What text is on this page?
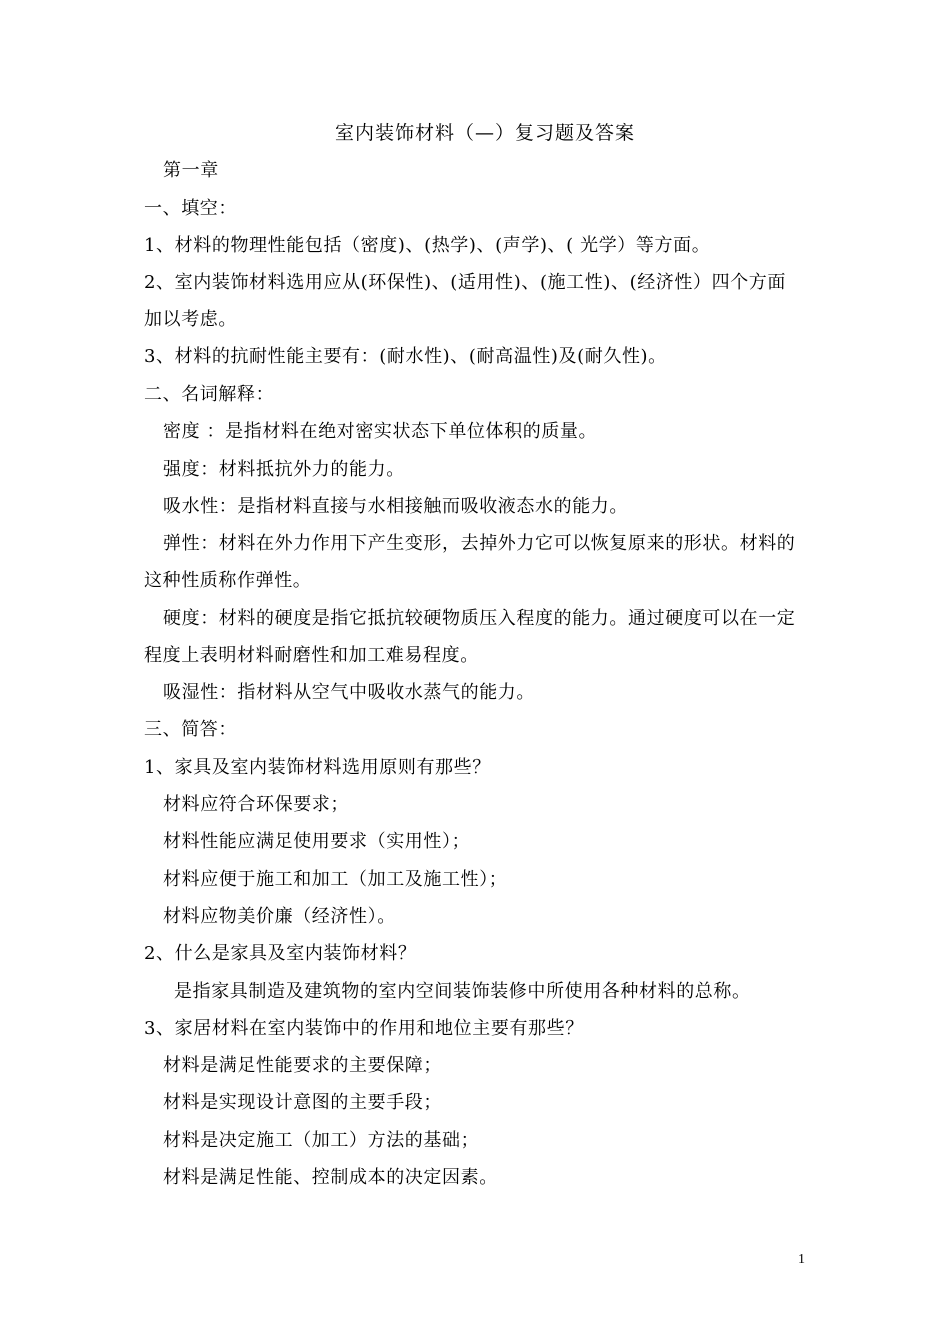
室内装饰材料（—）复习题及答案
第一章
一、填空：
1、材料的物理性能包括（密度)、(热学)、(声学)、( 光学）等方面。
2、室内装饰材料选用应从(环保性)、(适用性)、(施工性)、(经济性）四个方面
加以考虑。
3、材料的抗耐性能主要有：(耐水性)、(耐高温性)及(耐久性)。
二、名词解释：
密度 ：是指材料在绝对密实状态下单位体积的质量。
强度：材料抵抗外力的能力。
吸水性：是指材料直接与水相接触而吸收液态水的能力。
弹性：材料在外力作用下产生变形，去掉外力它可以恢复原来的形状。材料的
这种性质称作弹性。
硬度：材料的硬度是指它抵抗较硬物质压入程度的能力。通过硬度可以在一定
程度上表明材料耐磨性和加工难易程度。
吸湿性：指材料从空气中吸收水蒸气的能力。
三、简答：
1、家具及室内装饰材料选用原则有那些？
材料应符合环保要求；
材料性能应满足使用要求（实用性）；
材料应便于施工和加工（加工及施工性）；
材料应物美价廉（经济性）。
2、什么是家具及室内装饰材料？
是指家具制造及建筑物的室内空间装饰装修中所使用各种材料的总称。
3、家居材料在室内装饰中的作用和地位主要有那些？
材料是满足性能要求的主要保障；
材料是实现设计意图的主要手段；
材料是决定施工（加工）方法的基础；
材料是满足性能、控制成本的决定因素。
1
